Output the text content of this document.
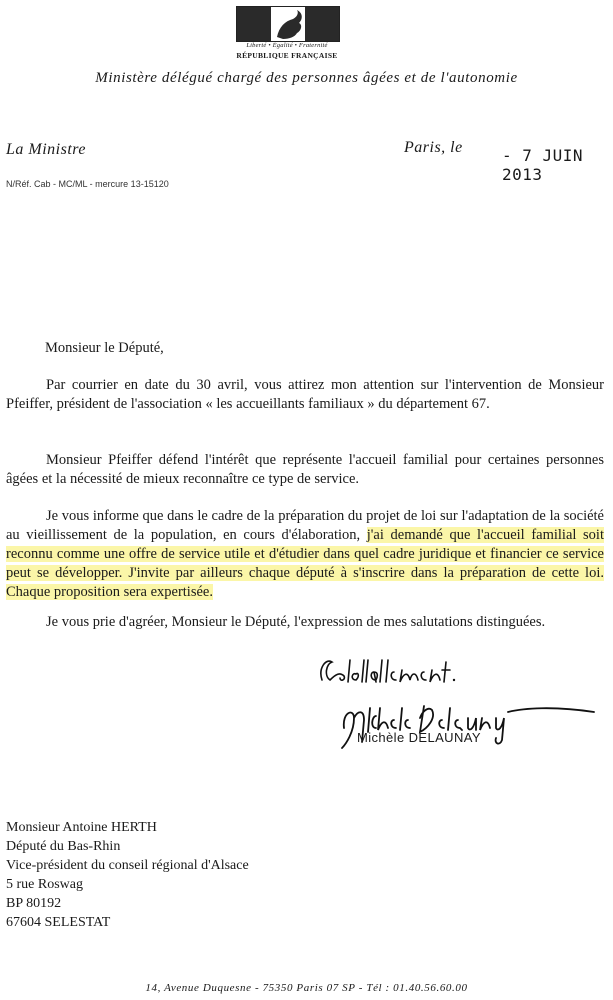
Liberté • Égalité • Fraternité
RÉPUBLIQUE FRANÇAISE
Ministère délégué chargé des personnes âgées et de l'autonomie
La Ministre	Paris, le - 7 JUIN 2013
N/Réf. Cab - MC/ML - mercure 13-15120
Monsieur le Député,
Par courrier en date du 30 avril, vous attirez mon attention sur l'intervention de Monsieur Pfeiffer, président de l'association « les accueillants familiaux » du département 67.
Monsieur Pfeiffer défend l'intérêt que représente l'accueil familial pour certaines personnes âgées et la nécessité de mieux reconnaître ce type de service.
Je vous informe que dans le cadre de la préparation du projet de loi sur l'adaptation de la société au vieillissement de la population, en cours d'élaboration, j'ai demandé que l'accueil familial soit reconnu comme une offre de service utile et d'étudier dans quel cadre juridique et financier ce service peut se développer. J'invite par ailleurs chaque député à s'inscrire dans la préparation de cette loi. Chaque proposition sera expertisée.
Je vous prie d'agréer, Monsieur le Député, l'expression de mes salutations distinguées.
Michèle DELAUNAY
Monsieur Antoine HERTH
Député du Bas-Rhin
Vice-président du conseil régional d'Alsace
5 rue Roswag
BP 80192
67604 SELESTAT
14, Avenue Duquesne - 75350 Paris 07 SP - Tél : 01.40.56.60.00
